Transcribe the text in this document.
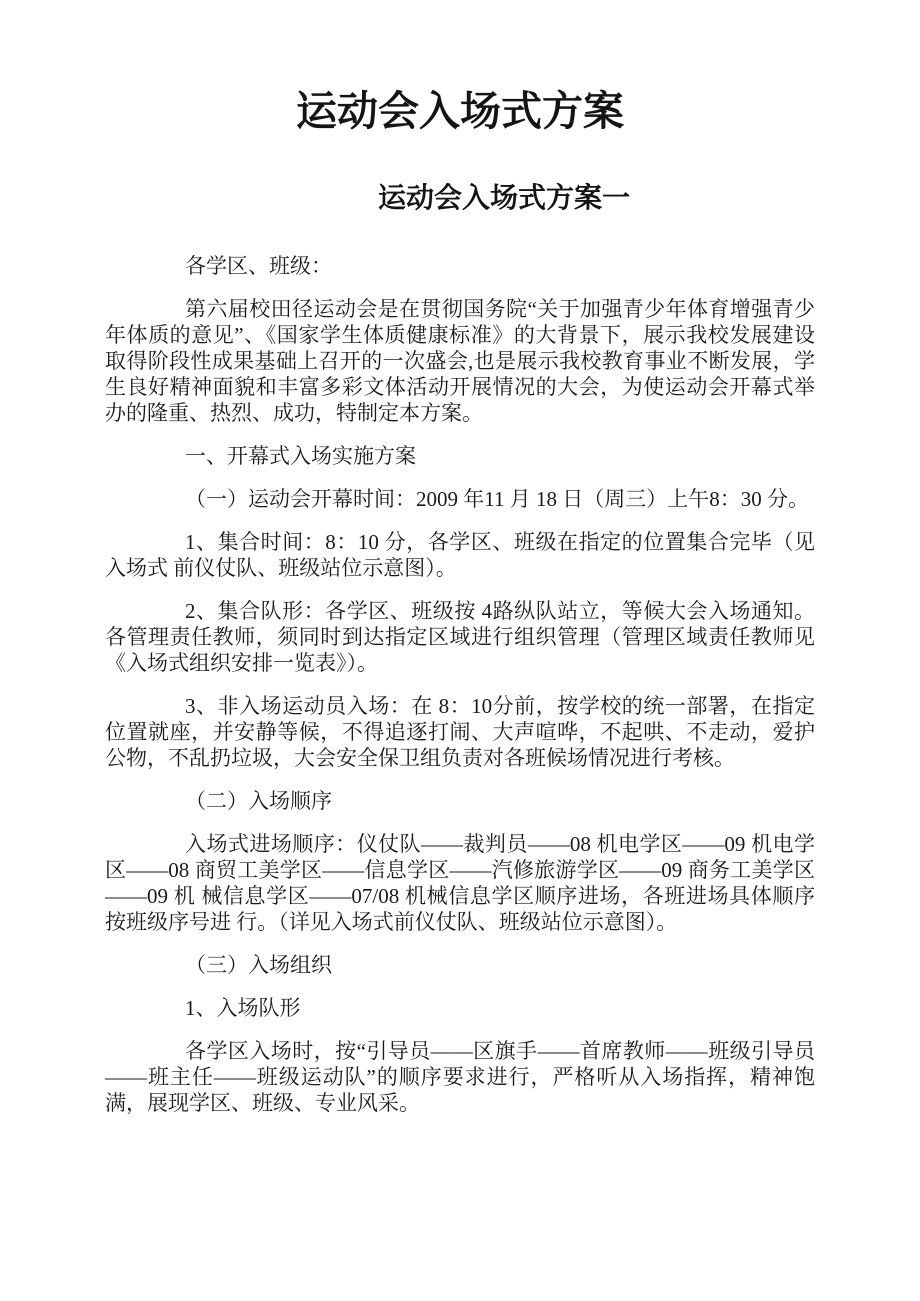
运动会入场式方案
运动会入场式方案一

各学区、班级：

第六届校田径运动会是在贯彻国务院“关于加强青少年体育增强青少年体质的意见”、《国家学生体质健康标准》的大背景下，展示我校发展建设取得阶段性成果基础上召开的一次盛会,也是展示我校教育事业不断发展，学生良好精神面貌和丰富多彩文体活动开展情况的大会，为使运动会开幕式举办的隆重、热烈、成功，特制定本方案。

一、开幕式入场实施方案

（一）运动会开幕时间：2009 年11 月 18 日（周三）上午8：30 分。

1、集合时间：8：10 分，各学区、班级在指定的位置集合完毕（见入场式 前仪仗队、班级站位示意图）。

2、集合队形：各学区、班级按 4路纵队站立，等候大会入场通知。各管理责任教师，须同时到达指定区域进行组织管理（管理区域责任教师见《入场式组织安排一览表》）。

3、非入场运动员入场：在 8：10分前，按学校的统一部署，在指定位置就座，并安静等候，不得追逐打闹、大声喧哗，不起哄、不走动，爱护公物，不乱扔垃圾，大会安全保卫组负责对各班候场情况进行考核。

（二）入场顺序

入场式进场顺序：仪仗队——裁判员——08 机电学区——09 机电学区——08 商贸工美学区——信息学区——汽修旅游学区——09 商务工美学区——09 机 械信息学区——07/08 机械信息学区顺序进场，各班进场具体顺序按班级序号进 行。（详见入场式前仪仗队、班级站位示意图）。

（三）入场组织

1、入场队形

各学区入场时，按“引导员——区旗手——首席教师——班级引导员——班主任——班级运动队”的顺序要求进行，严格听从入场指挥，精神饱满，展现学区、班级、专业风采。
